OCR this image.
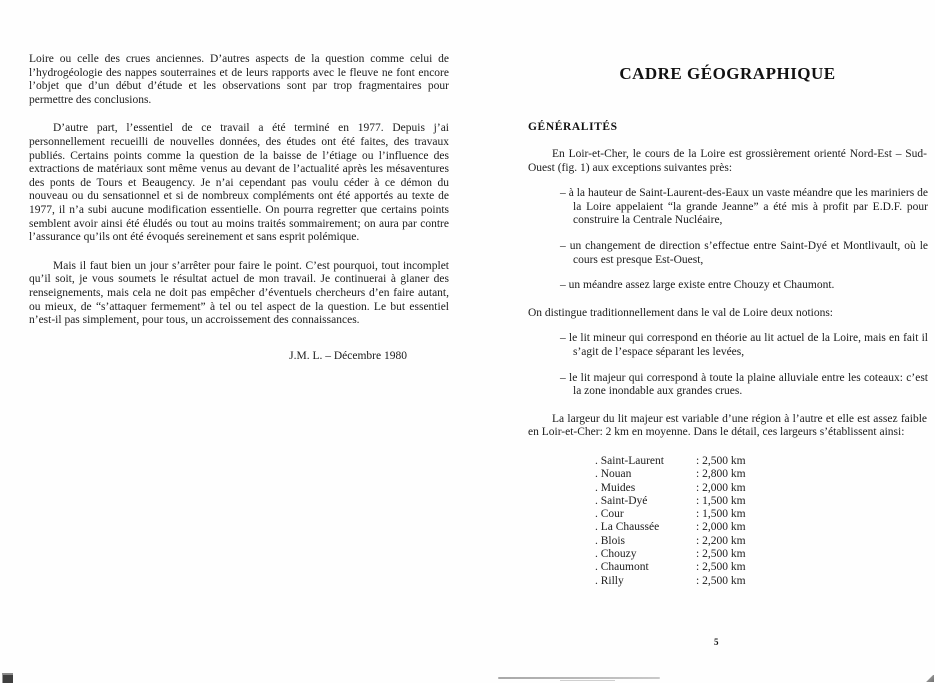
Loire ou celle des crues anciennes. D’autres aspects de la question comme celui de l’hydrogéologie des nappes souterraines et de leurs rapports avec le fleuve ne font encore l’objet que d’un début d’étude et les observations sont par trop fragmentaires pour permettre des conclusions.

D’autre part, l’essentiel de ce travail a été terminé en 1977. Depuis j’ai personnellement recueilli de nouvelles données, des études ont été faites, des travaux publiés. Certains points comme la question de la baisse de l’étiage ou l’influence des extractions de matériaux sont même venus au devant de l’actualité après les mésaventures des ponts de Tours et Beaugency. Je n’ai cependant pas voulu céder à ce démon du nouveau ou du sensationnel et si de nombreux compléments ont été apportés au texte de 1977, il n’a subi aucune modification essentielle. On pourra regretter que certains points semblent avoir ainsi été éludés ou tout au moins traités sommairement; on aura par contre l’assurance qu’ils ont été évoqués sereinement et sans esprit polémique.

Mais il faut bien un jour s’arrêter pour faire le point. C’est pourquoi, tout incomplet qu’il soit, je vous soumets le résultat actuel de mon travail. Je continuerai à glaner des renseignements, mais cela ne doit pas empêcher d’éventuels chercheurs d’en faire autant, ou mieux, de “s’attaquer fermement” à tel ou tel aspect de la question. Le but essentiel n’est-il pas simplement, pour tous, un accroissement des connaissances.

J.M. L. – Décembre 1980

CADRE GÉOGRAPHIQUE
GÉNÉRALITÉS

En Loir-et-Cher, le cours de la Loire est grossièrement orienté Nord-Est – Sud-Ouest (fig. 1) aux exceptions suivantes près:

– à la hauteur de Saint-Laurent-des-Eaux un vaste méandre que les mariniers de la Loire appelaient “la grande Jeanne” a été mis à profit par E.D.F. pour construire la Centrale Nucléaire,

– un changement de direction s’effectue entre Saint-Dyé et Montlivault, où le cours est presque Est-Ouest,

– un méandre assez large existe entre Chouzy et Chaumont.

On distingue traditionnellement dans le val de Loire deux notions:

– le lit mineur qui correspond en théorie au lit actuel de la Loire, mais en fait il s’agit de l’espace séparant les levées,

– le lit majeur qui correspond à toute la plaine alluviale entre les coteaux: c’est la zone inondable aux grandes crues.

La largeur du lit majeur est variable d’une région à l’autre et elle est assez faible en Loir-et-Cher: 2 km en moyenne. Dans le détail, ces largeurs s’établissent ainsi:

. Saint-Laurent	: 2,500 km
. Nouan	: 2,800 km
. Muides	: 2,000 km
. Saint-Dyé	: 1,500 km
. Cour	: 1,500 km
. La Chaussée	: 2,000 km
. Blois	: 2,200 km
. Chouzy	: 2,500 km
. Chaumont	: 2,500 km
. Rilly	: 2,500 km
5
